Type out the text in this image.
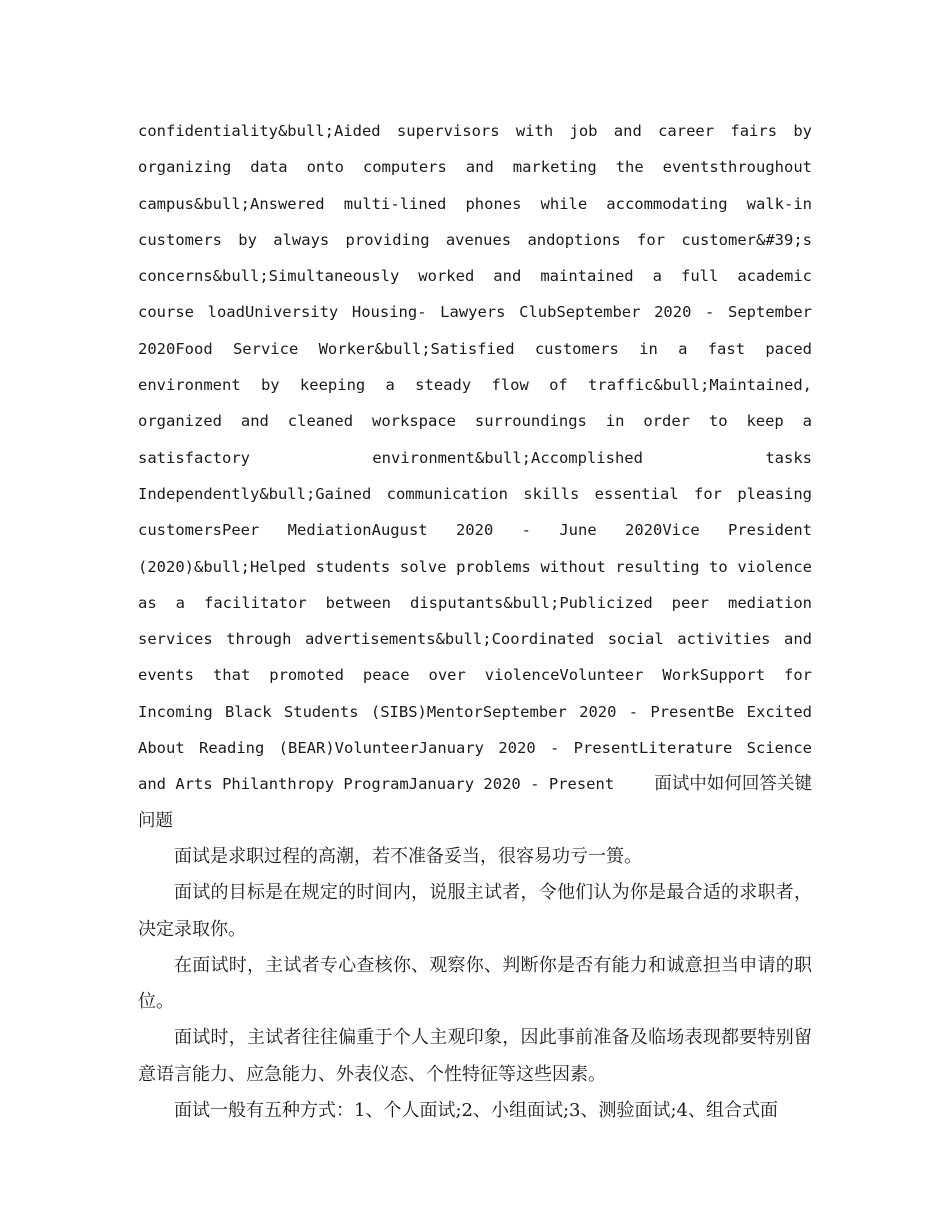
confidentiality&bull;Aided supervisors with job and career fairs by organizing data onto computers and marketing the eventsthroughout campus&bull;Answered multi-lined phones while accommodating walk-in customers by always providing avenues andoptions for customer&#39;s concerns&bull;Simultaneously worked and maintained a full academic course loadUniversity Housing- Lawyers ClubSeptember 2020 - September 2020Food Service Worker&bull;Satisfied customers in a fast paced environment by keeping a steady flow of traffic&bull;Maintained, organized and cleaned workspace surroundings in order to keep a satisfactory environment&bull;Accomplished tasks Independently&bull;Gained communication skills essential for pleasing customersPeer MediationAugust 2020 - June 2020Vice President (2020)&bull;Helped students solve problems without resulting to violence as a facilitator between disputants&bull;Publicized peer mediation services through advertisements&bull;Coordinated social activities and events that promoted peace over violenceVolunteer WorkSupport for Incoming Black Students (SIBS)MentorSeptember 2020 - PresentBe Excited About Reading (BEAR)VolunteerJanuary 2020 - PresentLiterature Science and Arts Philanthropy ProgramJanuary 2020 - Present 面试中如何回答关键问题

面试是求职过程的高潮，若不准备妥当，很容易功亏一篑。

面试的目标是在规定的时间内，说服主试者，令他们认为你是最合适的求职者，决定录取你。

在面试时，主试者专心查核你、观察你、判断你是否有能力和诚意担当申请的职位。

面试时，主试者往往偏重于个人主观印象，因此事前准备及临场表现都要特别留意语言能力、应急能力、外表仪态、个性特征等这些因素。

面试一般有五种方式：1、个人面试;2、小组面试;3、测验面试;4、组合式面
